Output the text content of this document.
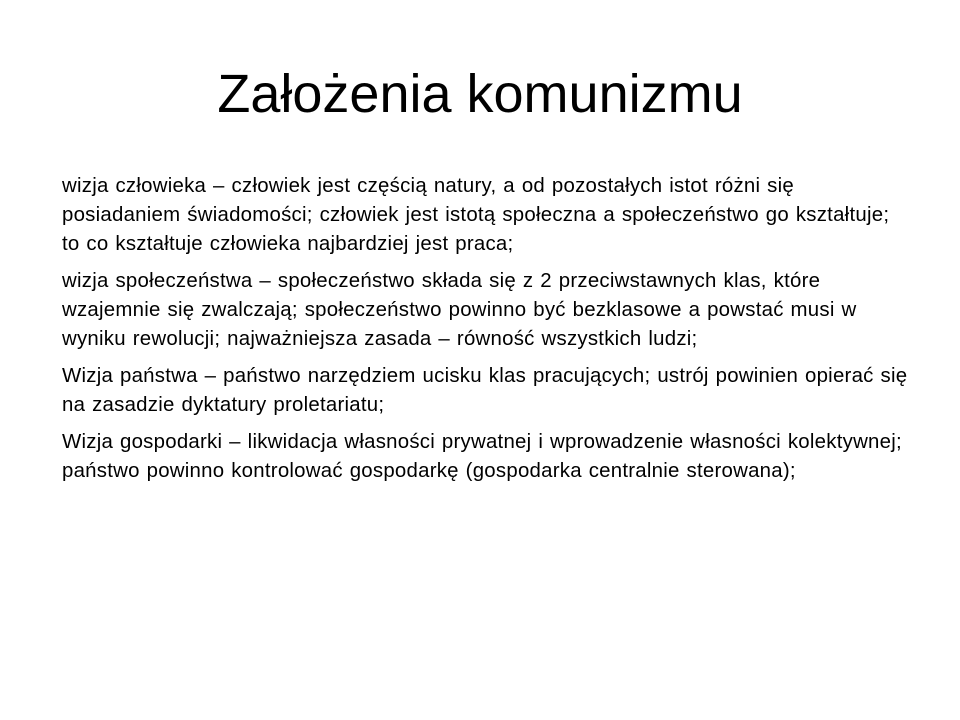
Założenia komunizmu
wizja człowieka – człowiek jest częścią natury, a od pozostałych istot różni się posiadaniem świadomości; człowiek jest istotą społeczna a społeczeństwo go kształtuje; to co kształtuje człowieka najbardziej jest praca;
wizja społeczeństwa – społeczeństwo składa się z 2 przeciwstawnych klas, które wzajemnie się zwalczają; społeczeństwo powinno być bezklasowe a powstać musi w wyniku rewolucji; najważniejsza zasada – równość wszystkich ludzi;
Wizja państwa – państwo narzędziem ucisku klas pracujących; ustrój powinien opierać się na zasadzie dyktatury proletariatu;
Wizja gospodarki – likwidacja własności prywatnej i wprowadzenie własności kolektywnej; państwo powinno kontrolować gospodarkę (gospodarka centralnie sterowana);
